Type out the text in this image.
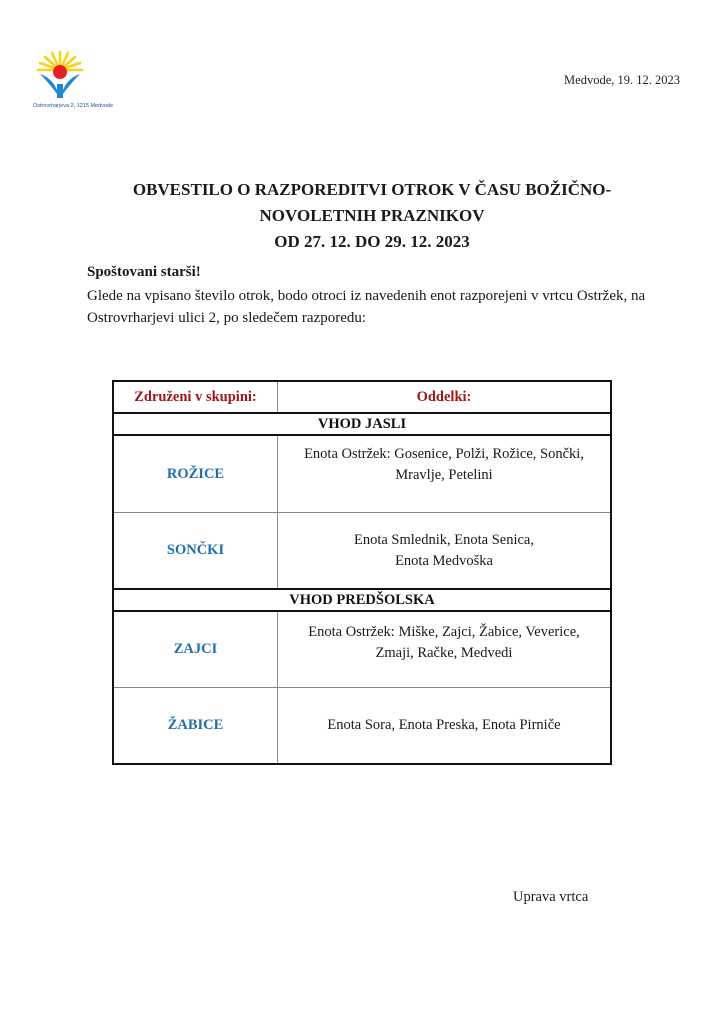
Ostrovrharjeva 2, 1215 Medvode
Medvode, 19. 12. 2023
OBVESTILO O RAZPOREDITVI OTROK V ČASU BOŽIČNO-
NOVOLETNIH PRAZNIKOV
OD 27. 12. DO 29. 12. 2023
Spoštovani starši!
Glede na vpisano število otrok, bodo otroci iz navedenih enot razporejeni v vrtcu Ostržek, na Ostrovrharjevi ulici 2, po sledečem razporedu:
Združeni v skupini:	Oddelki:
VHOD JASLI	
ROŽICE	Enota Ostržek: Gosenice, Polži, Rožice, Sončki,
Mravlje, Petelini

SONČKI	Enota Smlednik, Enota Senica,
Enota Medvoška

VHOD PREDŠOLSKA	
ZAJCI	Enota Ostržek: Miške, Zajci, Žabice, Veverice,
Zmaji, Račke, Medvedi

ŽABICE	Enota Sora, Enota Preska, Enota Pirniče
Uprava vrtca
